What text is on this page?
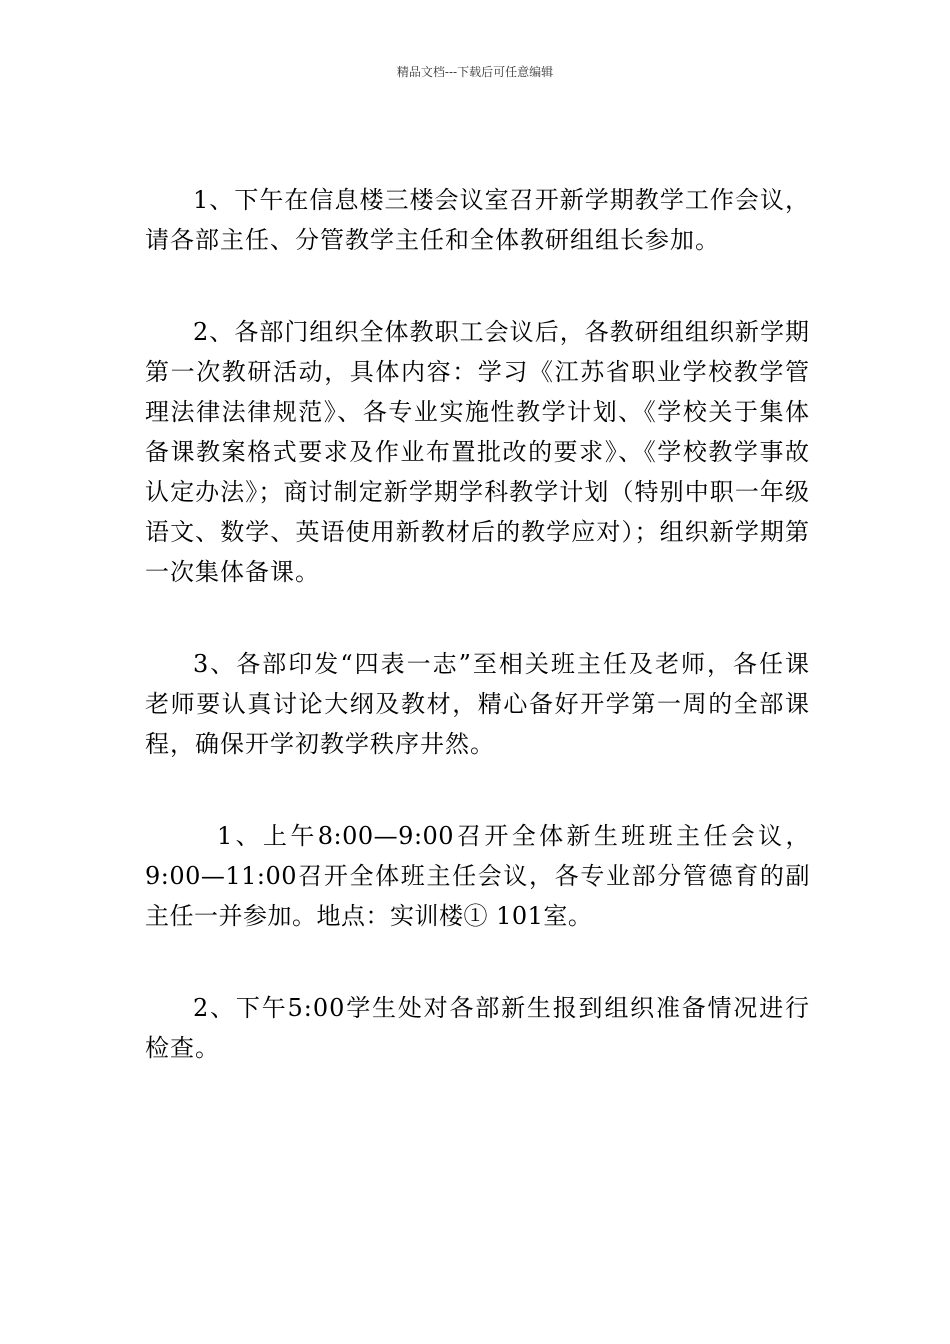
精品文档---下载后可任意编辑

1、下午在信息楼三楼会议室召开新学期教学工作会议，请各部主任、分管教学主任和全体教研组组长参加。

2、各部门组织全体教职工会议后，各教研组组织新学期第一次教研活动，具体内容：学习《江苏省职业学校教学管理法律法律规范》、各专业实施性教学计划、《学校关于集体备课教案格式要求及作业布置批改的要求》、《学校教学事故认定办法》；商讨制定新学期学科教学计划（特别中职一年级语文、数学、英语使用新教材后的教学应对）；组织新学期第一次集体备课。

3、各部印发“四表一志”至相关班主任及老师，各任课老师要认真讨论大纲及教材，精心备好开学第一周的全部课程，确保开学初教学秩序井然。

1、上午8:00—9:00召开全体新生班班主任会议，9:00—11:00召开全体班主任会议，各专业部分管德育的副主任一并参加。地点：实训楼① 101室。

2、下午5:00学生处对各部新生报到组织准备情况进行检查。
